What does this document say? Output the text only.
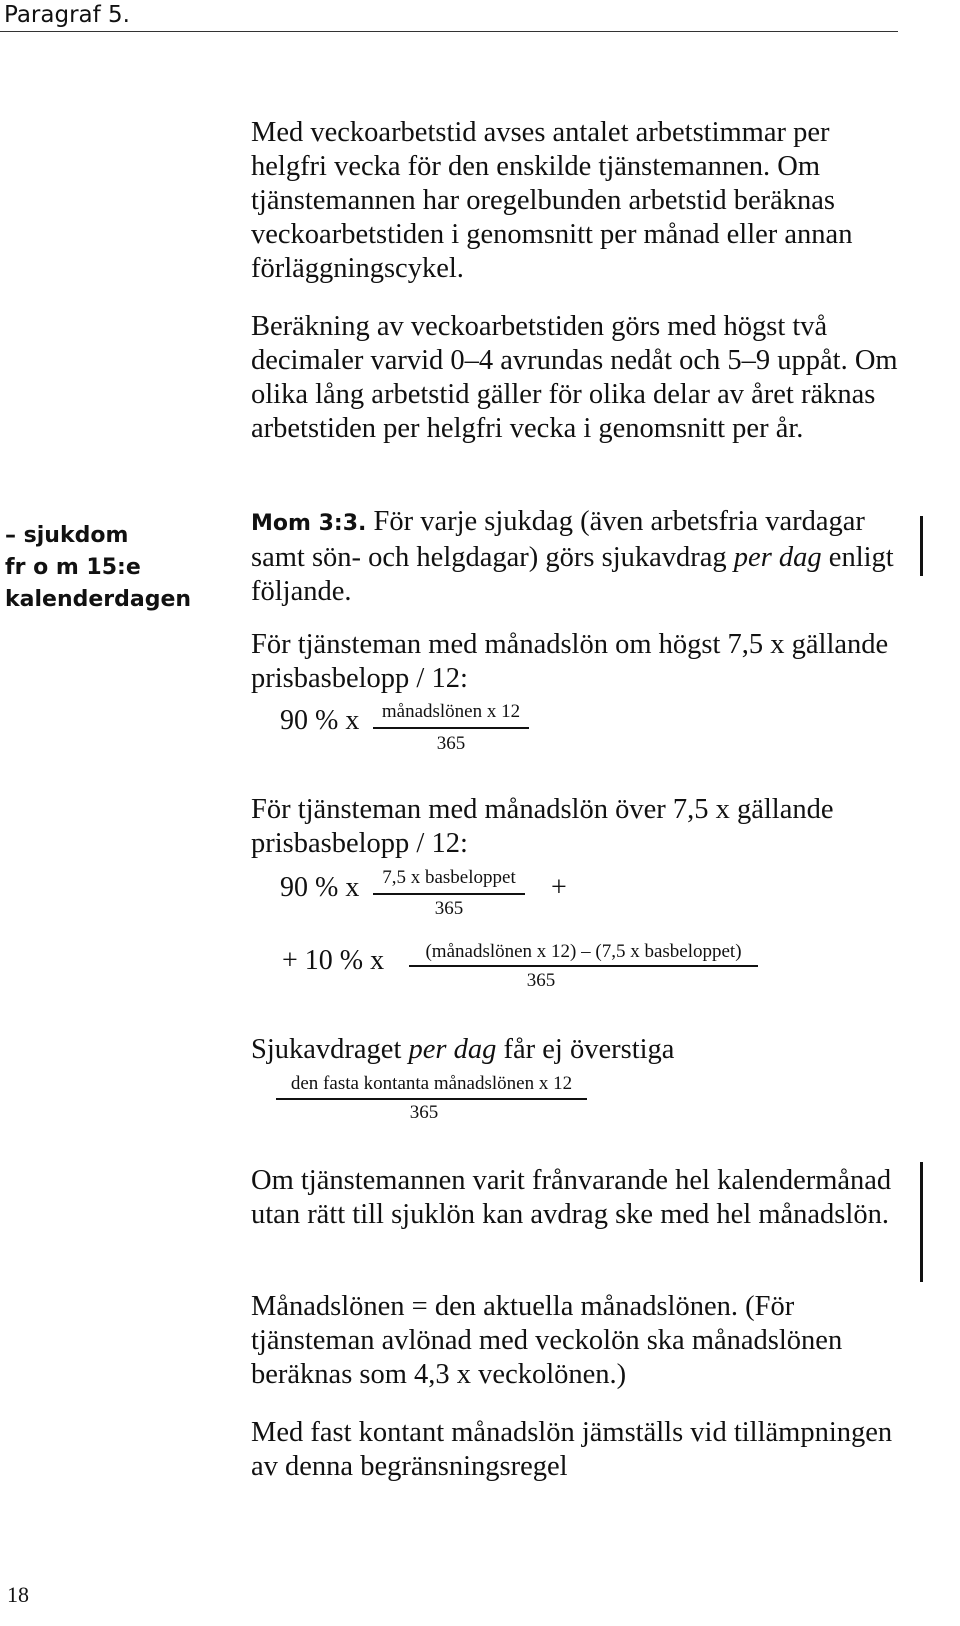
Paragraf 5.

Med veckoarbetstid avses antalet arbetstimmar per helgfri vecka för den enskilde tjänstemannen. Om tjänstemannen har oregelbunden arbetstid beräknas veckoarbetstiden i genomsnitt per månad eller annan förläggningscykel.

Beräkning av veckoarbetstiden görs med högst två decimaler varvid 0–4 avrundas nedåt och 5–9 uppåt. Om olika lång arbetstid gäller för olika delar av året räknas arbetstiden per helgfri vecka i genomsnitt per år.

– sjukdom
fr o m 15:e
kalenderdagen

Mom 3:3. För varje sjukdag (även arbetsfria vardagar samt sön- och helgdagar) görs sjukavdrag per dag enligt följande.

För tjänsteman med månadslön om högst 7,5 x gällande prisbasbelopp / 12:

90 % x	månadslönen x 12
365

För tjänsteman med månadslön över 7,5 x gällande prisbasbelopp / 12:

90 % x	7,5 x basbeloppet
365
+
+ 10 % x	(månadslönen x 12) – (7,5 x basbeloppet)
365

Sjukavdraget per dag får ej överstiga

den fasta kontanta månadslönen x 12
365

Om tjänstemannen varit frånvarande hel kalendermånad utan rätt till sjuklön kan avdrag ske med hel månadslön.

Månadslönen = den aktuella månadslönen. (För tjänsteman avlönad med veckolön ska månadslönen beräknas som 4,3 x veckolönen.)

Med fast kontant månadslön jämställs vid tillämpningen av denna begränsningsregel

18
